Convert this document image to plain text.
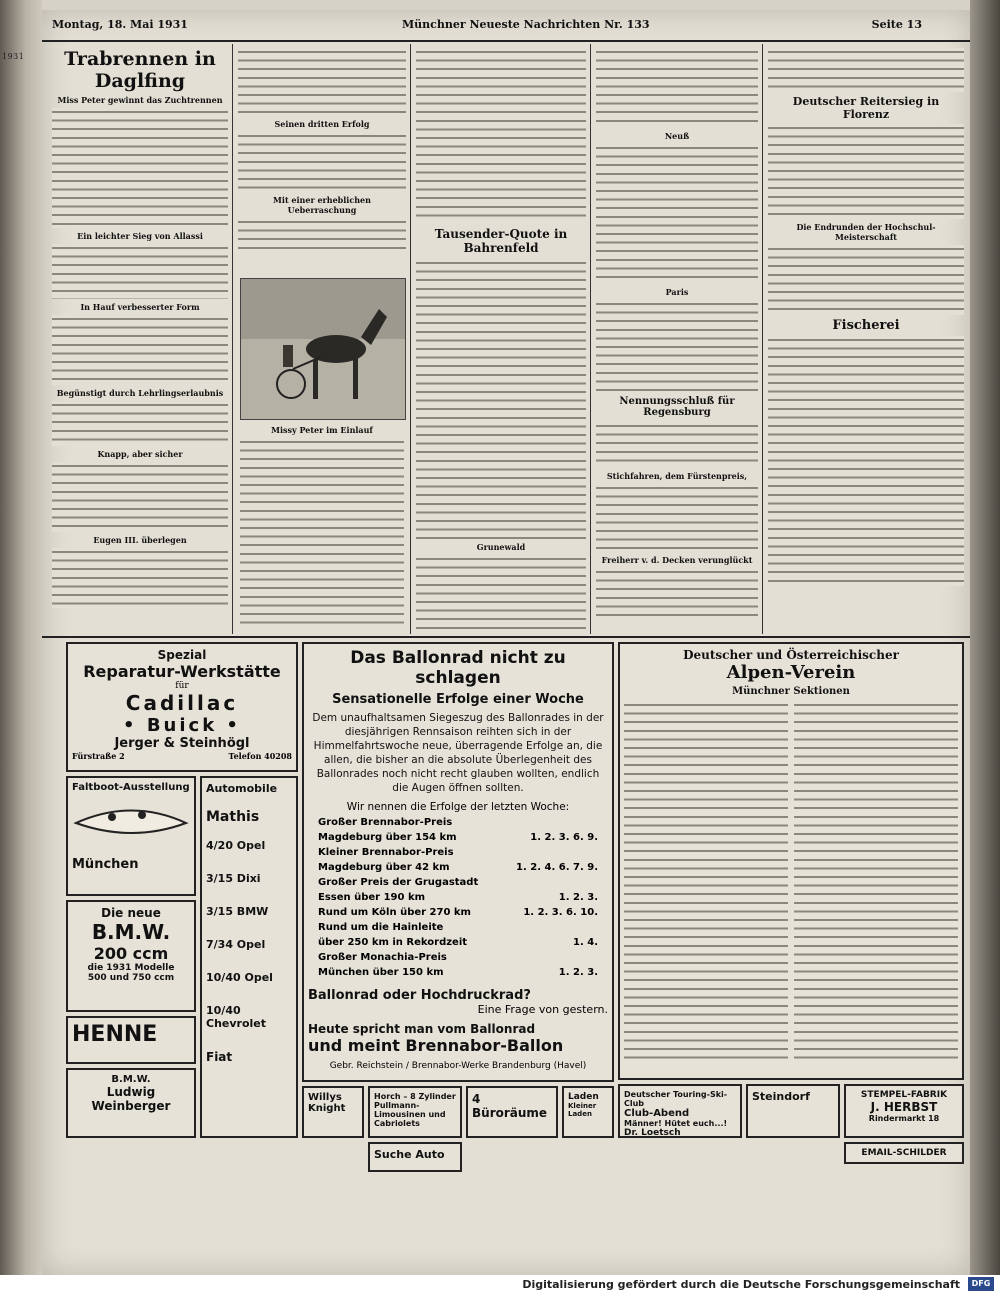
1931
Montag, 18. Mai 1931	Münchner Neueste Nachrichten Nr. 133	Seite 13
Trabrennen in Daglfing
Miss Peter gewinnt das Zuchtrennen
Ein leichter Sieg von Allassi
In Hauf verbesserter Form
Begünstigt durch Lehrlingserlaubnis
Knapp, aber sicher
Eugen III. überlegen
Seinen dritten Erfolg
Mit einer erheblichen Ueberraschung
Missy Peter im Einlauf
Tausender-Quote in Bahrenfeld
Grunewald
Neuß
Paris
Nennungsschluß für Regensburg
Stichfahren, dem Fürstenpreis,
Freiherr v. d. Decken verunglückt
Deutscher Reitersieg in Florenz
Die Endrunden der Hochschul-Meisterschaft
Fischerei
Spezial
Reparatur-Werkstätte
für
Cadillac
• Buick •
Jerger & Steinhögl
Fürstraße 2	Telefon 40208
Faltboot-Ausstellung
München
Die neue
B.M.W.
200 ccm
die 1931 Modelle
500 und 750 ccm
HENNE
B.M.W.
Ludwig Weinberger
Automobile
Mathis
4/20 Opel
3/15 Dixi
3/15 BMW
7/34 Opel
10/40 Opel
10/40 Chevrolet
Fiat
Das Ballonrad nicht zu schlagen
Sensationelle Erfolge einer Woche
Dem unaufhaltsamen Siegeszug des Ballonrades in der diesjährigen Rennsaison reihten sich in der Himmelfahrtswoche neue, überragende Erfolge an, die allen, die bisher an die absolute Überlegenheit des Ballonrades noch nicht recht glauben wollten, endlich die Augen öffnen sollten.
Wir nennen die Erfolge der letzten Woche:
Großer Brennabor-Preis
Magdeburg über 154 km	1. 2. 3. 6. 9.
Kleiner Brennabor-Preis
Magdeburg über 42 km	1. 2. 4. 6. 7. 9.
Großer Preis der Grugastadt
Essen über 190 km	1. 2. 3.
Rund um Köln über 270 km	1. 2. 3. 6. 10.
Rund um die Hainleite
über 250 km in Rekordzeit	1. 4.
Großer Monachia-Preis
München über 150 km	1. 2. 3.
Ballonrad oder Hochdruckrad?
Eine Frage von gestern.
Heute spricht man vom Ballonrad
und meint Brennabor-Ballon
Gebr. Reichstein / Brennabor-Werke Brandenburg (Havel)
Deutscher und Österreichischer
Alpen-Verein
Münchner Sektionen
Willys Knight
Horch – 8 Zylinder Pullmann-Limousinen und Cabriolets
4 Büroräume
Laden
Kleiner Laden
Deutscher Touring-Ski-Club
Club-Abend
Männer! Hütet euch...!
Dr. Loetsch
Steindorf	STEMPEL-FABRIK
J. HERBST
Rindermarkt 18
EMAIL-SCHILDER
Suche Auto
Digitalisierung gefördert durch die Deutsche Forschungsgemeinschaft	DFG
